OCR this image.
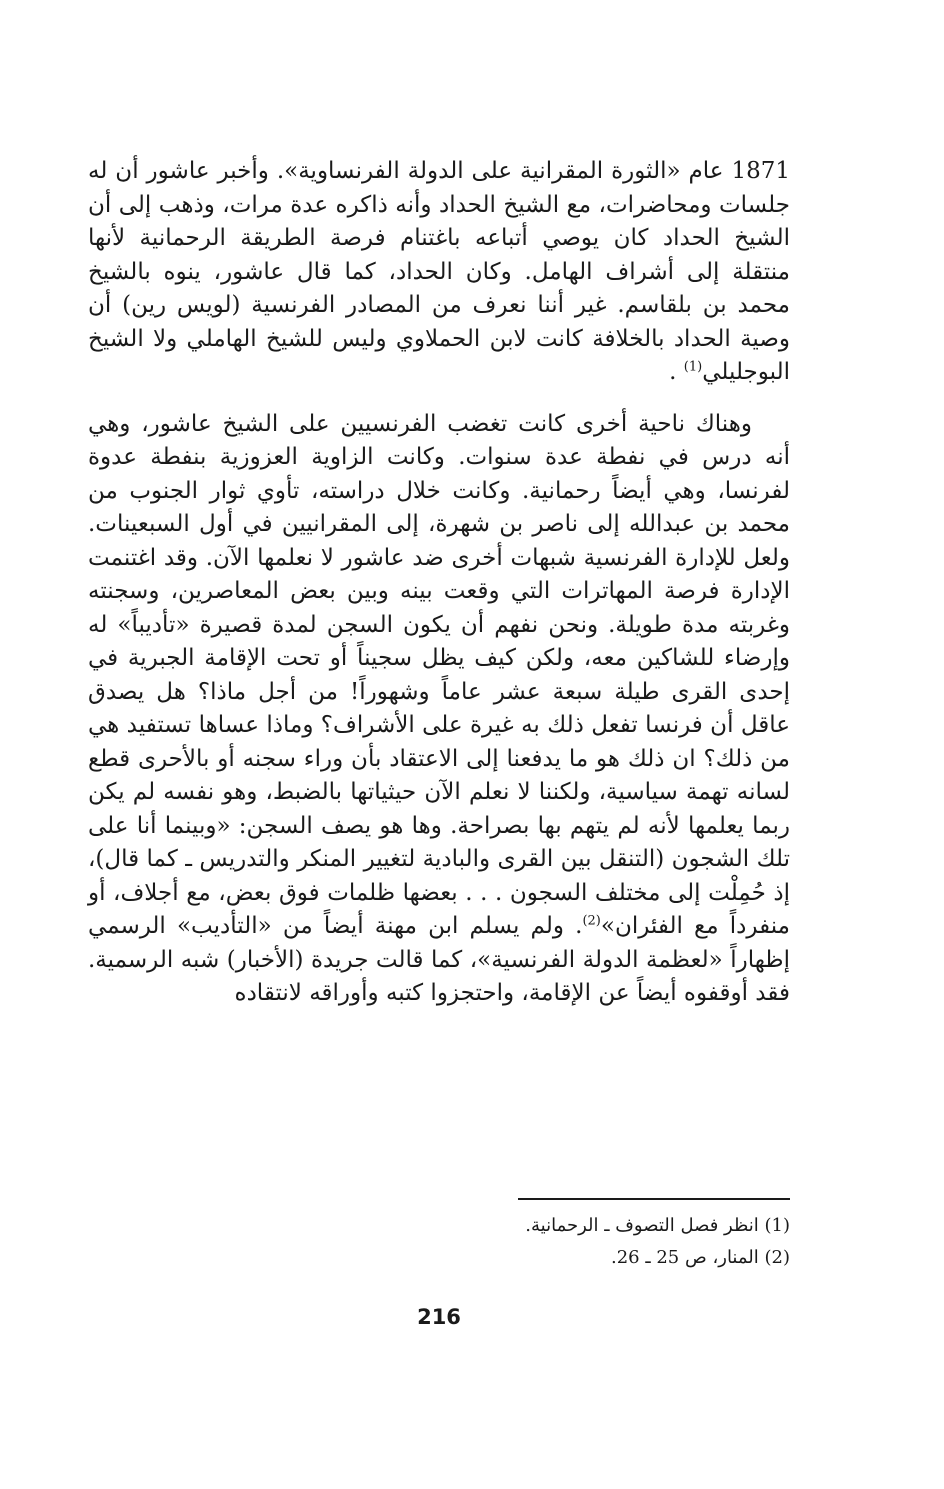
1871 عام «الثورة المقرانية على الدولة الفرنساوية». وأخبر عاشور أن له جلسات ومحاضرات، مع الشيخ الحداد وأنه ذاكره عدة مرات، وذهب إلى أن الشيخ الحداد كان يوصي أتباعه باغتنام فرصة الطريقة الرحمانية لأنها منتقلة إلى أشراف الهامل. وكان الحداد، كما قال عاشور، ينوه بالشيخ محمد بن بلقاسم. غير أننا نعرف من المصادر الفرنسية (لويس رين) أن وصية الحداد بالخلافة كانت لابن الحملاوي وليس للشيخ الهاملي ولا الشيخ البوجليلي$^{(1)}$ .

وهناك ناحية أخرى كانت تغضب الفرنسيين على الشيخ عاشور، وهي أنه درس في نفطة عدة سنوات. وكانت الزاوية العزوزية بنفطة عدوة لفرنسا، وهي أيضاً رحمانية. وكانت خلال دراسته، تأوي ثوار الجنوب من محمد بن عبدالله إلى ناصر بن شهرة، إلى المقرانيين في أول السبعينات. ولعل للإدارة الفرنسية شبهات أخرى ضد عاشور لا نعلمها الآن. وقد اغتنمت الإدارة فرصة المهاترات التي وقعت بينه وبين بعض المعاصرين، وسجنته وغربته مدة طويلة. ونحن نفهم أن يكون السجن لمدة قصيرة «تأديباً» له وإرضاء للشاكين معه، ولكن كيف يظل سجيناً أو تحت الإقامة الجبرية في إحدى القرى طيلة سبعة عشر عاماً وشهوراً! من أجل ماذا؟ هل يصدق عاقل أن فرنسا تفعل ذلك به غيرة على الأشراف؟ وماذا عساها تستفيد هي من ذلك؟ ان ذلك هو ما يدفعنا إلى الاعتقاد بأن وراء سجنه أو بالأحرى قطع لسانه تهمة سياسية، ولكننا لا نعلم الآن حيثياتها بالضبط، وهو نفسه لم يكن ربما يعلمها لأنه لم يتهم بها بصراحة. وها هو يصف السجن: «وبينما أنا على تلك الشجون (التنقل بين القرى والبادية لتغيير المنكر والتدريس ـ كما قال)، إذ حُمِلْت إلى مختلف السجون . . . بعضها ظلمات فوق بعض، مع أجلاف، أو منفرداً مع الفئران»$^{(2)}$. ولم يسلم ابن مهنة أيضاً من «التأديب» الرسمي إظهاراً «لعظمة الدولة الفرنسية»، كما قالت جريدة (الأخبار) شبه الرسمية. فقد أوقفوه أيضاً عن الإقامة، واحتجزوا كتبه وأوراقه لانتقاده

(1) انظر فصل التصوف ـ الرحمانية.

(2) المنار، ص 25 ـ 26.

216
